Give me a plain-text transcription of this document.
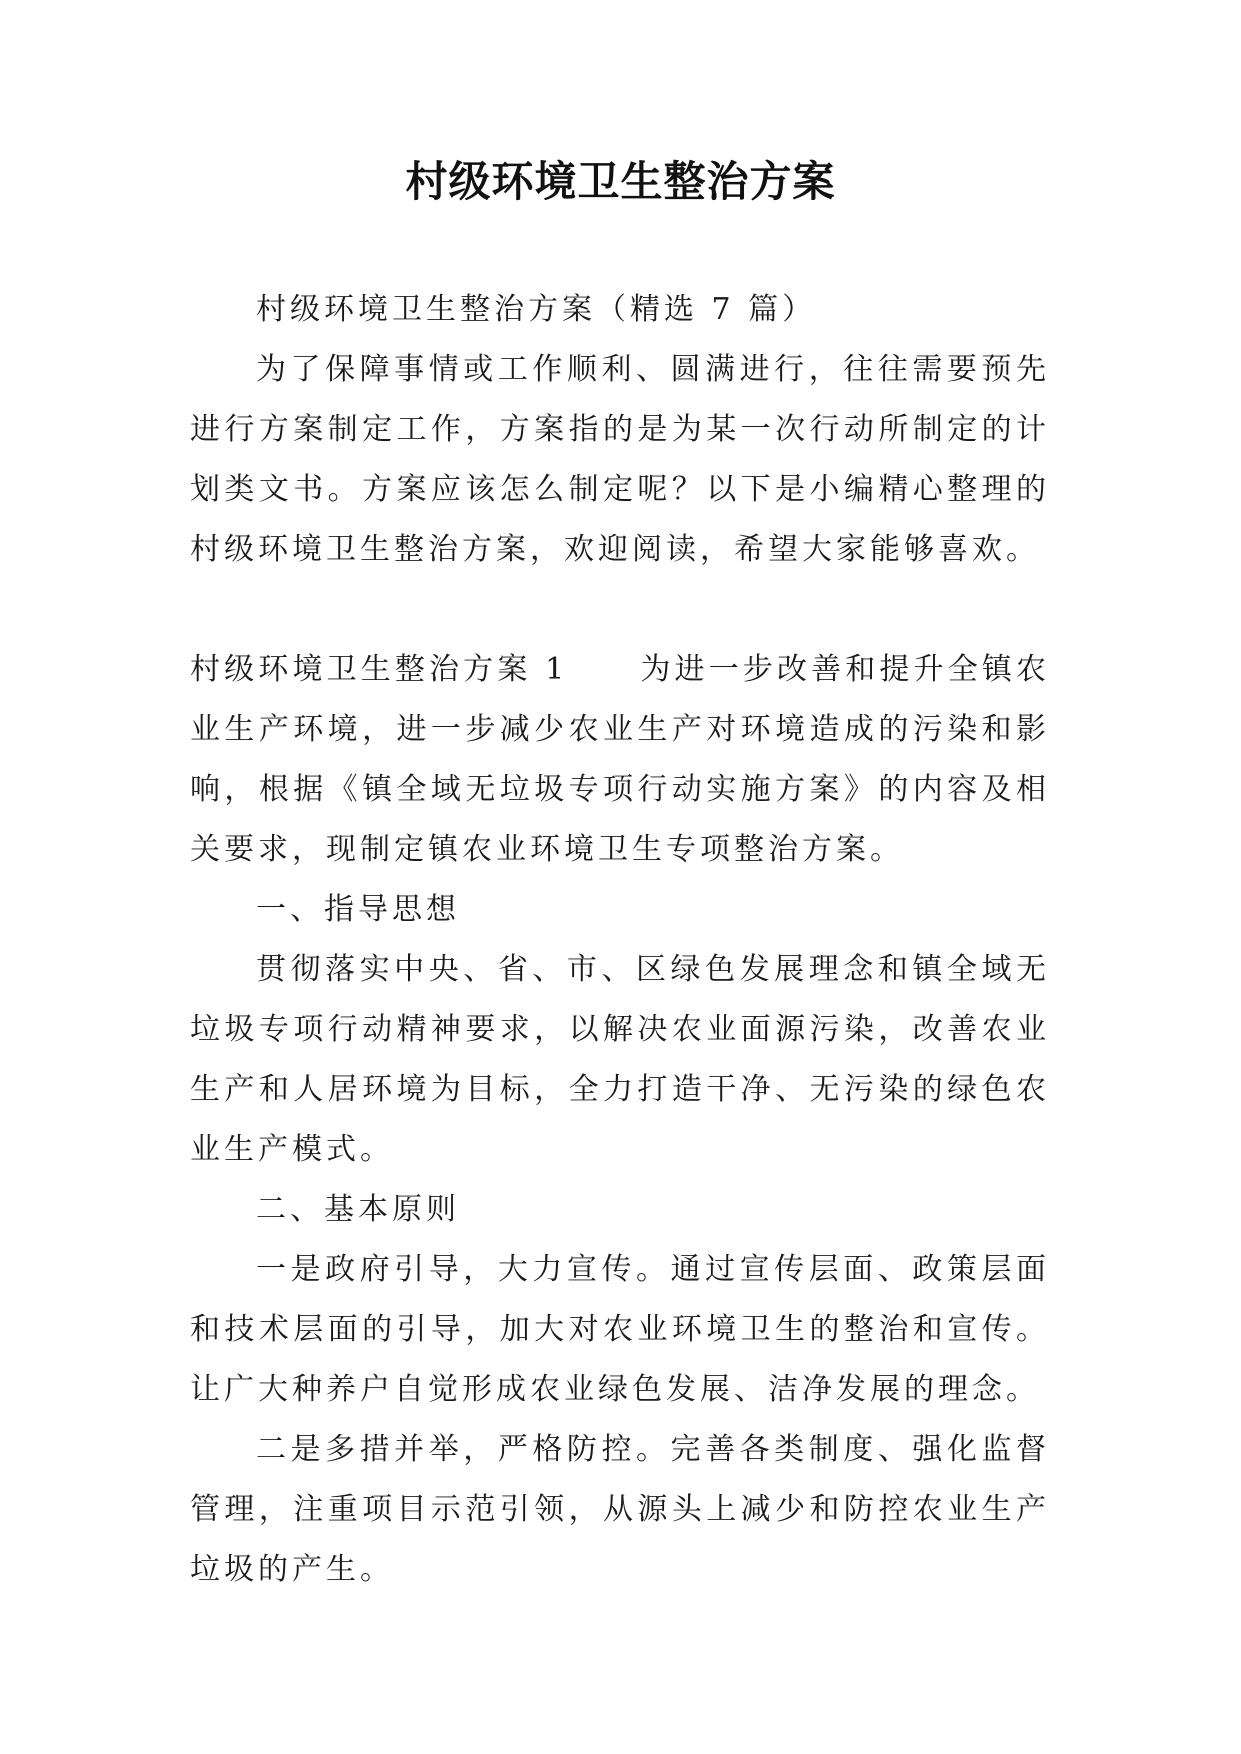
村级环境卫生整治方案

村级环境卫生整治方案（精选 7 篇）

为了保障事情或工作顺利、圆满进行，往往需要预先进行方案制定工作，方案指的是为某一次行动所制定的计划类文书。方案应该怎么制定呢？以下是小编精心整理的村级环境卫生整治方案，欢迎阅读，希望大家能够喜欢。

村级环境卫生整治方案 1 为进一步改善和提升全镇农业生产环境，进一步减少农业生产对环境造成的污染和影响，根据《镇全域无垃圾专项行动实施方案》的内容及相关要求，现制定镇农业环境卫生专项整治方案。

一、指导思想

贯彻落实中央、省、市、区绿色发展理念和镇全域无垃圾专项行动精神要求，以解决农业面源污染，改善农业生产和人居环境为目标，全力打造干净、无污染的绿色农业生产模式。

二、基本原则

一是政府引导，大力宣传。通过宣传层面、政策层面和技术层面的引导，加大对农业环境卫生的整治和宣传。让广大种养户自觉形成农业绿色发展、洁净发展的理念。

二是多措并举，严格防控。完善各类制度、强化监督管理，注重项目示范引领，从源头上减少和防控农业生产垃圾的产生。
